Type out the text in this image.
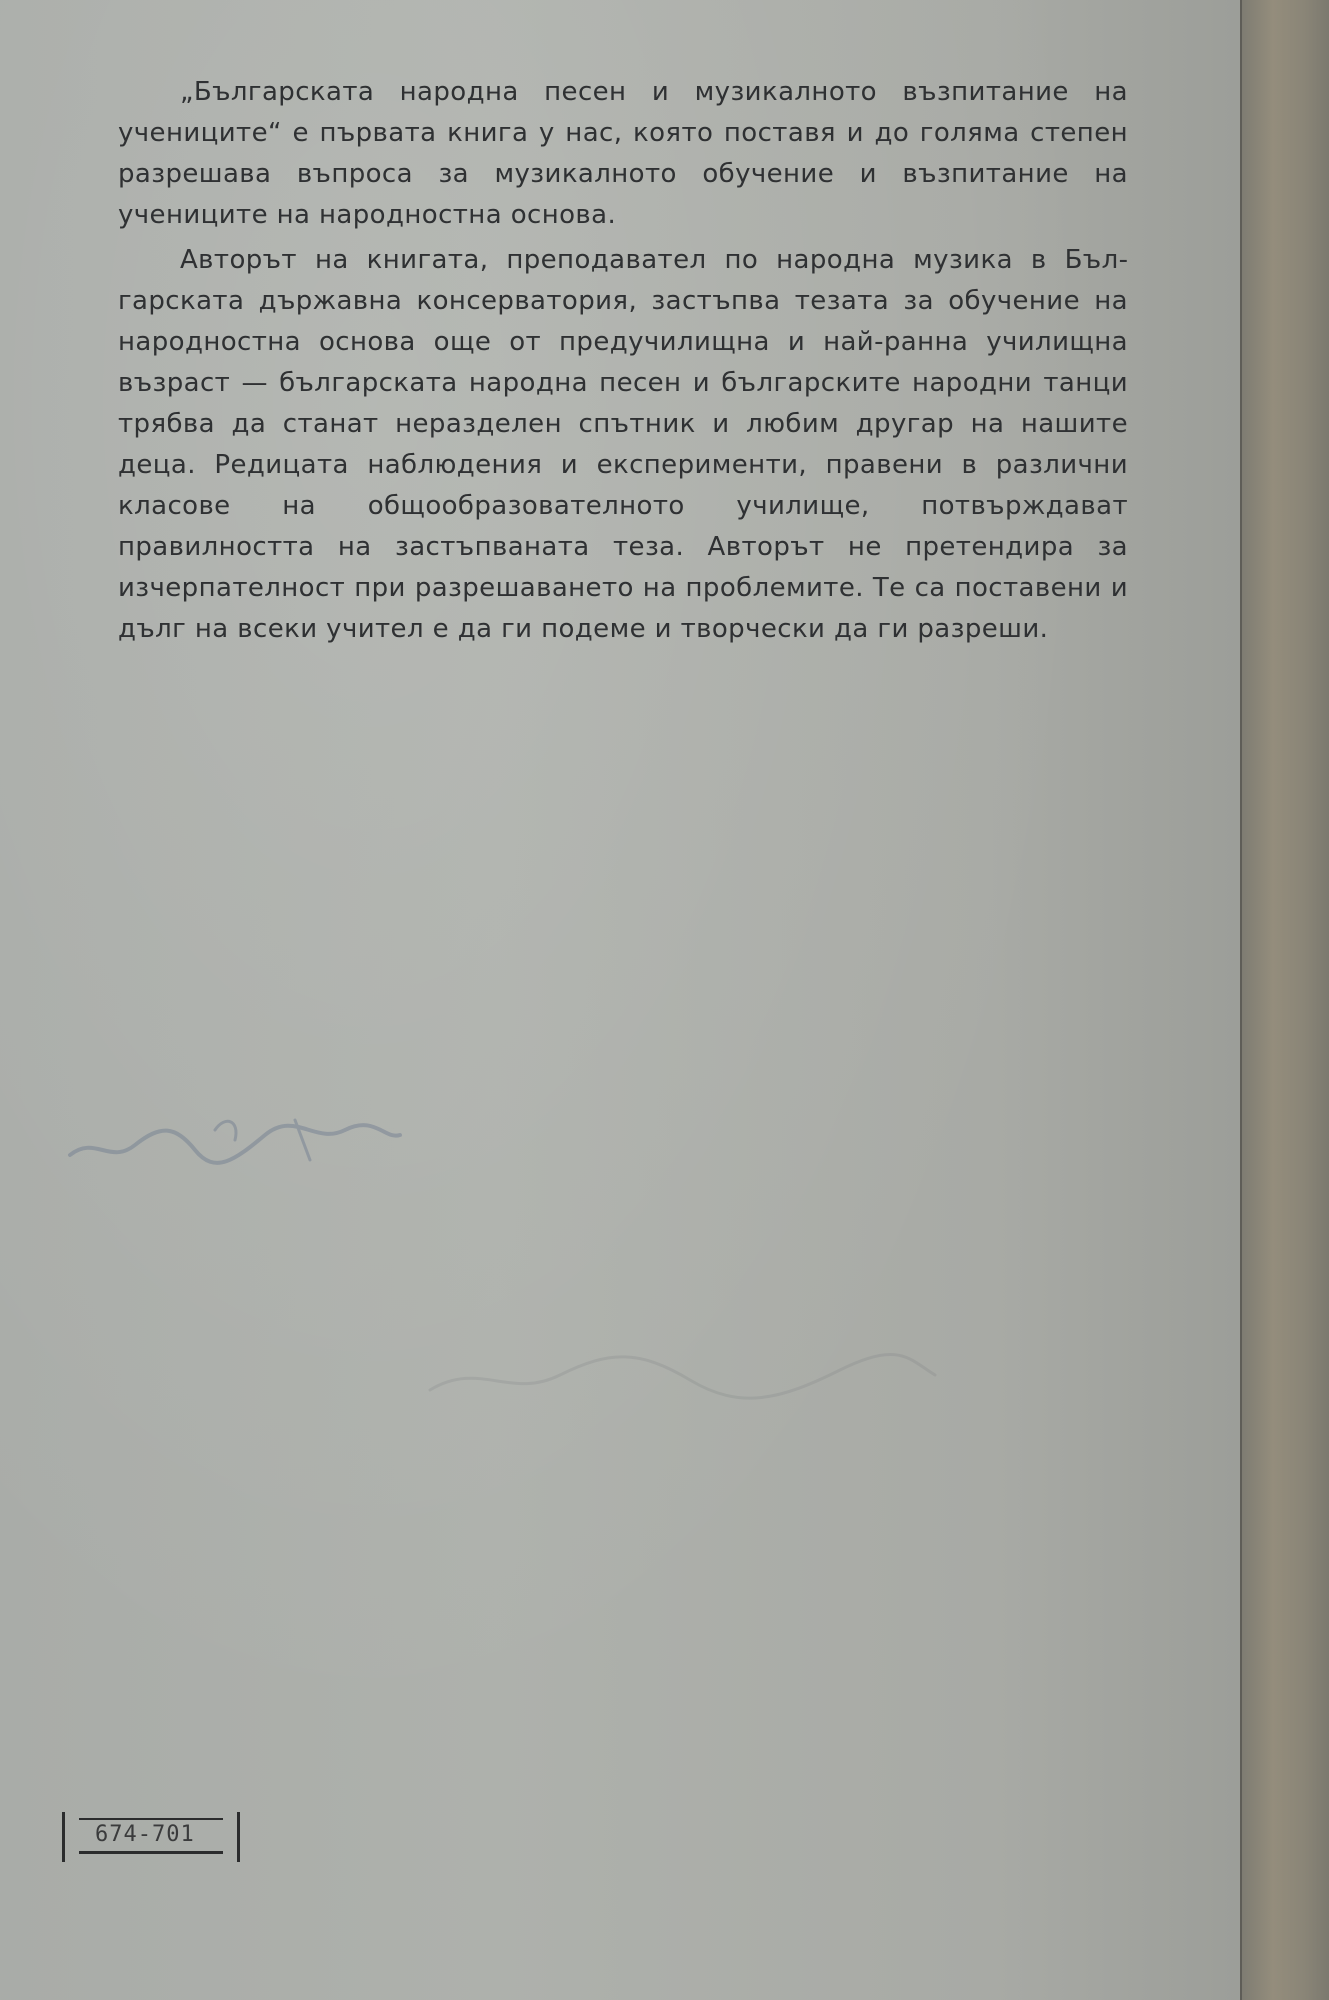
„Българската народна песен и музикалното възпитание на учениците“ е първата книга у нас, която поставя и до голяма степен разрешава въпроса за музикалното обучение и възпитание на учениците на народностна основа.

Авторът на книгата, преподавател по народна музика в Българската държавна консерватория, застъпва тезата за обучение на народностна основа още от предучилищна и най-ранна училищна възраст — българската народна песен и българските народни танци трябва да станат неразделен спътник и любим другар на нашите деца. Редицата наблюдения и експерименти, правени в различни класове на общообразователното училище, потвърждават правилността на застъпваната теза. Авторът не претендира за изчерпателност при разрешаването на проблемите. Те са поставени и дълг на всеки учител е да ги подеме и творчески да ги разреши.

674-701
